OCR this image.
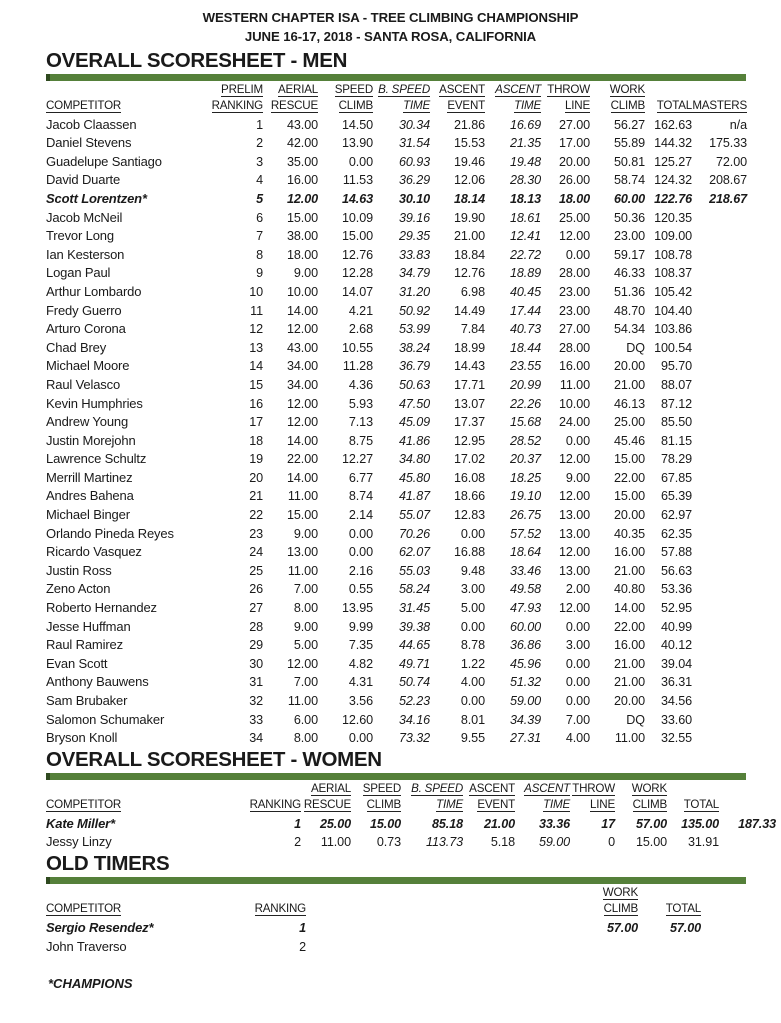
WESTERN CHAPTER ISA - TREE CLIMBING CHAMPIONSHIP
JUNE 16-17, 2018 - SANTA ROSA, CALIFORNIA
OVERALL SCORESHEET - MEN
	PRELIM	AERIAL	SPEED	B. SPEED	ASCENT	ASCENT	THROW	WORK		
COMPETITOR	RANKING	RESCUE	CLIMB	TIME	EVENT	TIME	LINE	CLIMB	TOTAL	MASTERS
Jacob Claassen	1	43.00	14.50	30.34	21.86	16.69	27.00	56.27	162.63	n/a
Daniel Stevens	2	42.00	13.90	31.54	15.53	21.35	17.00	55.89	144.32	175.33
Guadelupe Santiago	3	35.00	0.00	60.93	19.46	19.48	20.00	50.81	125.27	72.00
David Duarte	4	16.00	11.53	36.29	12.06	28.30	26.00	58.74	124.32	208.67
Scott Lorentzen*	5	12.00	14.63	30.10	18.14	18.13	18.00	60.00	122.76	218.67
Jacob McNeil	6	15.00	10.09	39.16	19.90	18.61	25.00	50.36	120.35	
Trevor Long	7	38.00	15.00	29.35	21.00	12.41	12.00	23.00	109.00	
Ian Kesterson	8	18.00	12.76	33.83	18.84	22.72	0.00	59.17	108.78	
Logan Paul	9	9.00	12.28	34.79	12.76	18.89	28.00	46.33	108.37	
Arthur Lombardo	10	10.00	14.07	31.20	6.98	40.45	23.00	51.36	105.42	
Fredy Guerro	11	14.00	4.21	50.92	14.49	17.44	23.00	48.70	104.40	
Arturo Corona	12	12.00	2.68	53.99	7.84	40.73	27.00	54.34	103.86	
Chad Brey	13	43.00	10.55	38.24	18.99	18.44	28.00	DQ	100.54	
Michael Moore	14	34.00	11.28	36.79	14.43	23.55	16.00	20.00	95.70	
Raul Velasco	15	34.00	4.36	50.63	17.71	20.99	11.00	21.00	88.07	
Kevin Humphries	16	12.00	5.93	47.50	13.07	22.26	10.00	46.13	87.12	
Andrew Young	17	12.00	7.13	45.09	17.37	15.68	24.00	25.00	85.50	
Justin Morejohn	18	14.00	8.75	41.86	12.95	28.52	0.00	45.46	81.15	
Lawrence Schultz	19	22.00	12.27	34.80	17.02	20.37	12.00	15.00	78.29	
Merrill Martinez	20	14.00	6.77	45.80	16.08	18.25	9.00	22.00	67.85	
Andres Bahena	21	11.00	8.74	41.87	18.66	19.10	12.00	15.00	65.39	
Michael Binger	22	15.00	2.14	55.07	12.83	26.75	13.00	20.00	62.97	
Orlando Pineda Reyes	23	9.00	0.00	70.26	0.00	57.52	13.00	40.35	62.35	
Ricardo Vasquez	24	13.00	0.00	62.07	16.88	18.64	12.00	16.00	57.88	
Justin Ross	25	11.00	2.16	55.03	9.48	33.46	13.00	21.00	56.63	
Zeno Acton	26	7.00	0.55	58.24	3.00	49.58	2.00	40.80	53.36	
Roberto Hernandez	27	8.00	13.95	31.45	5.00	47.93	12.00	14.00	52.95	
Jesse Huffman	28	9.00	9.99	39.38	0.00	60.00	0.00	22.00	40.99	
Raul Ramirez	29	5.00	7.35	44.65	8.78	36.86	3.00	16.00	40.12	
Evan Scott	30	12.00	4.82	49.71	1.22	45.96	0.00	21.00	39.04	
Anthony Bauwens	31	7.00	4.31	50.74	4.00	51.32	0.00	21.00	36.31	
Sam Brubaker	32	11.00	3.56	52.23	0.00	59.00	0.00	20.00	34.56	
Salomon Schumaker	33	6.00	12.60	34.16	8.01	34.39	7.00	DQ	33.60	
Bryson Knoll	34	8.00	0.00	73.32	9.55	27.31	4.00	11.00	32.55	
OVERALL SCORESHEET - WOMEN
		AERIAL	SPEED	B. SPEED	ASCENT	ASCENT	THROW	WORK		
COMPETITOR	RANKING	RESCUE	CLIMB	TIME	EVENT	TIME	LINE	CLIMB	TOTAL	
Kate Miller*	1	25.00	15.00	85.18	21.00	33.36	17	57.00	135.00	187.33
Jessy Linzy	2	11.00	0.73	113.73	5.18	59.00	0	15.00	31.91	
OLD TIMERS
			WORK	
COMPETITOR	RANKING		CLIMB	TOTAL
Sergio Resendez*	1		57.00	57.00
John Traverso	2			
*CHAMPIONS
